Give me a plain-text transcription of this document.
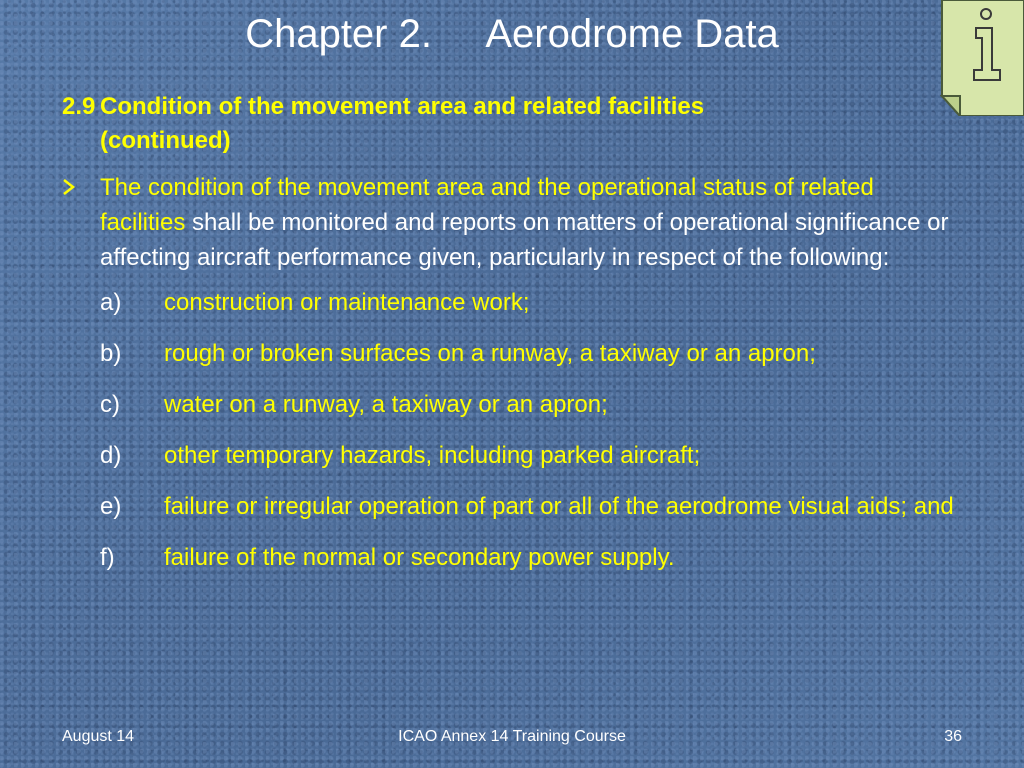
Chapter 2.     Aerodrome Data
2.9 Condition of the movement area and related facilities
(continued)
The condition of the movement area and the operational status of related facilities shall be monitored and reports on matters of operational significance or affecting aircraft performance given, particularly in respect of the following:
a) construction or maintenance work;
b) rough or broken surfaces on a runway, a taxiway or an apron;
c) water on a runway, a taxiway or an apron;
d) other temporary hazards, including parked aircraft;
e) failure or irregular operation of part or all of the aerodrome visual aids; and
f) failure of the normal or secondary power supply.
August 14	ICAO Annex 14 Training Course	36
